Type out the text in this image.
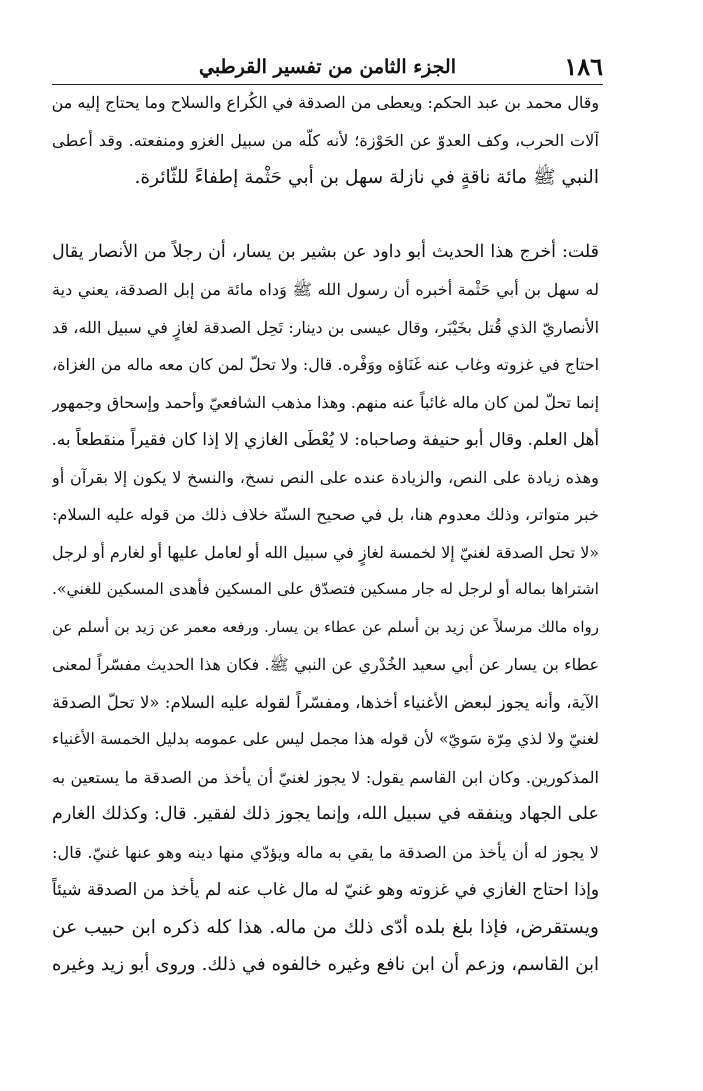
١٨٦
الجزء الثامن من تفسير القرطبي
وقال محمد بن عبد الحكم: ويعطى من الصدقة في الكُراع والسلاح وما يحتاج إليه من
آلات الحرب، وكف العدوّ عن الحَوْزة؛ لأنه كلّه من سبيل الغزو ومنفعته. وقد أعطى
النبي ﷺ مائة ناقةٍ في نازلة سهل بن أبي حَثْمة إطفاءً للثّائرة.
قلت: أخرج هذا الحديث أبو داود عن بشير بن يسار، أن رجلاً من الأنصار يقال
له سهل بن أبي حَثْمة أخبره أن رسول الله ﷺ وَداه مائة من إبل الصدقة، يعني دية
الأنصاريّ الذي قُتل بخَيْبَر، وقال عيسى بن دينار: تَحِل الصدقة لغازٍ في سبيل الله، قد
احتاج في غزوته وغاب عنه غَنَاؤه ووَفْره. قال: ولا تحلّ لمن كان معه ماله من الغزاة،
إنما تحلّ لمن كان ماله غائباً عنه منهم. وهذا مذهب الشافعيّ وأحمد وإسحاق وجمهور
أهل العلم. وقال أبو حنيفة وصاحباه: لا يُعْطَى الغازي إلا إذا كان فقيراً منقطعاً به.
وهذه زيادة على النص، والزيادة عنده على النص نسخ، والنسخ لا يكون إلا بقرآن أو
خبر متواتر، وذلك معدوم هنا، بل في صحيح السنّة خلاف ذلك من قوله عليه السلام:
«لا تحل الصدقة لغنيّ إلا لخمسة لغازٍ في سبيل الله أو لعامل عليها أو لغارم أو لرجل
اشتراها بماله أو لرجل له جار مسكين فتصدّق على المسكين فأهدى المسكين للغني».
رواه مالك مرسلاً عن زيد بن أسلم عن عطاء بن يسار. ورفعه معمر عن زيد بن أسلم عن
عطاء بن يسار عن أبي سعيد الخُدْري عن النبي ﷺ. فكان هذا الحديث مفسّراً لمعنى
الآية، وأنه يجوز لبعض الأغنياء أخذها، ومفسّراً لقوله عليه السلام: «لا تحلّ الصدقة
لغنيّ ولا لذي مِرّة سَويّ» لأن قوله هذا مجمل ليس على عمومه بدليل الخمسة الأغنياء
المذكورين. وكان ابن القاسم يقول: لا يجوز لغنيّ أن يأخذ من الصدقة ما يستعين به
على الجهاد وينفقه في سبيل الله، وإنما يجوز ذلك لفقير. قال: وكذلك الغارم
لا يجوز له أن يأخذ من الصدقة ما يقي به ماله ويؤدّي منها دينه وهو عنها غنيّ. قال:
وإذا احتاج الغازي في غزوته وهو غنيّ له مال غاب عنه لم يأخذ من الصدقة شيئاً
ويستقرض، فإذا بلغ بلده أدّى ذلك من ماله. هذا كله ذكره ابن حبيب عن
ابن القاسم، وزعم أن ابن نافع وغيره خالفوه في ذلك. وروى أبو زيد وغيره
